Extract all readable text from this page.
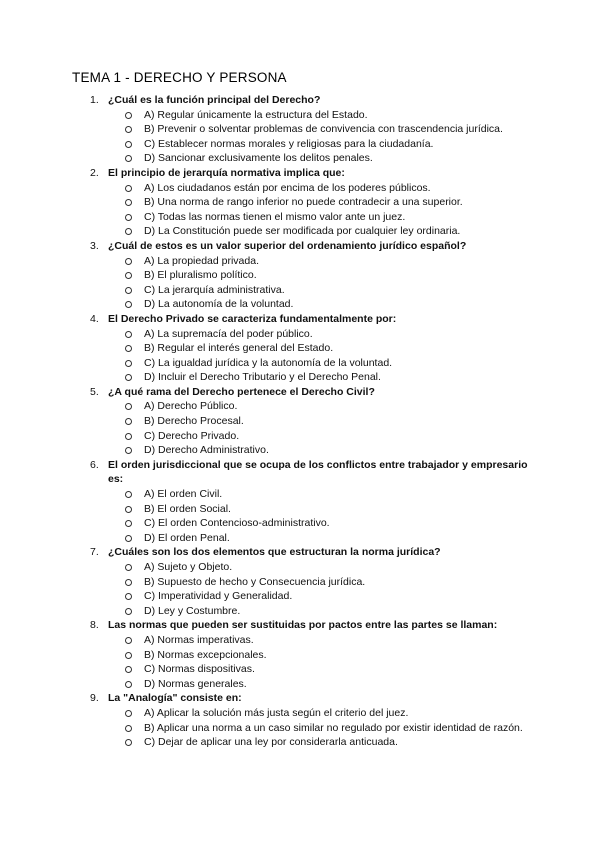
TEMA 1 - DERECHO Y PERSONA
1. ¿Cuál es la función principal del Derecho?
A) Regular únicamente la estructura del Estado.
B) Prevenir o solventar problemas de convivencia con trascendencia jurídica.
C) Establecer normas morales y religiosas para la ciudadanía.
D) Sancionar exclusivamente los delitos penales.
2. El principio de jerarquía normativa implica que:
A) Los ciudadanos están por encima de los poderes públicos.
B) Una norma de rango inferior no puede contradecir a una superior.
C) Todas las normas tienen el mismo valor ante un juez.
D) La Constitución puede ser modificada por cualquier ley ordinaria.
3. ¿Cuál de estos es un valor superior del ordenamiento jurídico español?
A) La propiedad privada.
B) El pluralismo político.
C) La jerarquía administrativa.
D) La autonomía de la voluntad.
4. El Derecho Privado se caracteriza fundamentalmente por:
A) La supremacía del poder público.
B) Regular el interés general del Estado.
C) La igualdad jurídica y la autonomía de la voluntad.
D) Incluir el Derecho Tributario y el Derecho Penal.
5. ¿A qué rama del Derecho pertenece el Derecho Civil?
A) Derecho Público.
B) Derecho Procesal.
C) Derecho Privado.
D) Derecho Administrativo.
6. El orden jurisdiccional que se ocupa de los conflictos entre trabajador y empresario es:
A) El orden Civil.
B) El orden Social.
C) El orden Contencioso-administrativo.
D) El orden Penal.
7. ¿Cuáles son los dos elementos que estructuran la norma jurídica?
A) Sujeto y Objeto.
B) Supuesto de hecho y Consecuencia jurídica.
C) Imperatividad y Generalidad.
D) Ley y Costumbre.
8. Las normas que pueden ser sustituidas por pactos entre las partes se llaman:
A) Normas imperativas.
B) Normas excepcionales.
C) Normas dispositivas.
D) Normas generales.
9. La "Analogía" consiste en:
A) Aplicar la solución más justa según el criterio del juez.
B) Aplicar una norma a un caso similar no regulado por existir identidad de razón.
C) Dejar de aplicar una ley por considerarla anticuada.
